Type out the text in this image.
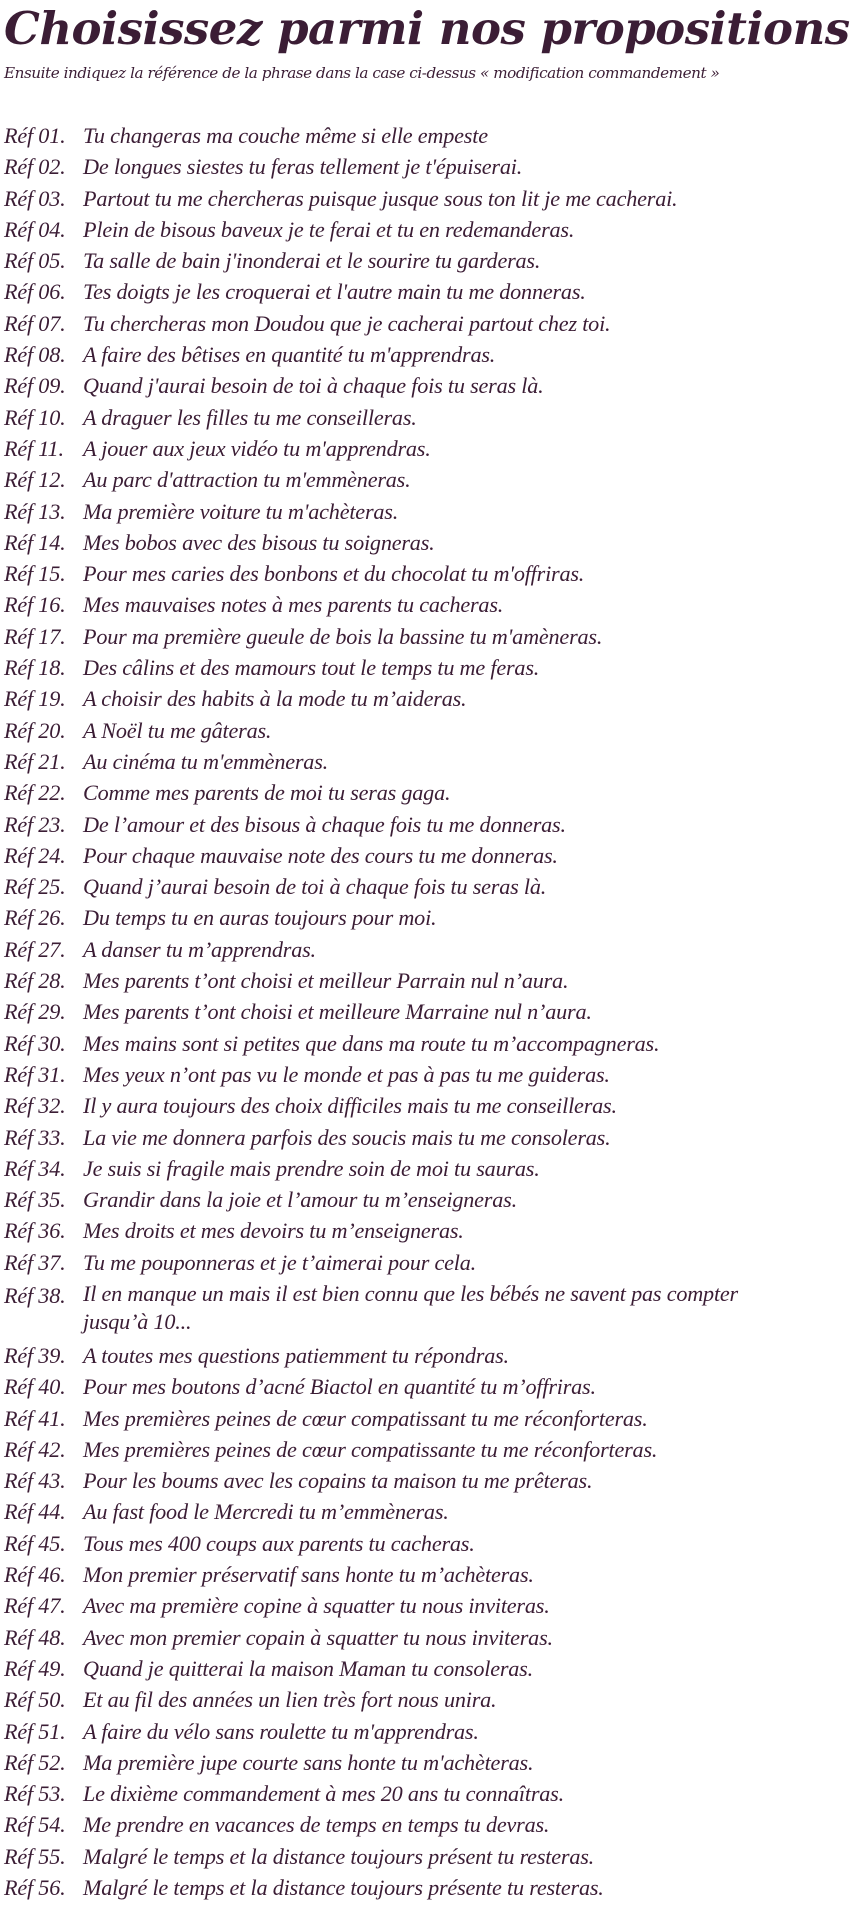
Choisissez parmi nos propositions
Ensuite indiquez la référence de la phrase dans la case ci-dessus « modification commandement »
Réf 01. Tu changeras ma couche même si elle empeste
Réf 02. De longues siestes tu feras tellement je t'épuiserai.
Réf 03. Partout tu me chercheras puisque jusque sous ton lit je me cacherai.
Réf 04. Plein de bisous baveux je te ferai et tu en redemanderas.
Réf 05. Ta salle de bain j'inonderai et le sourire tu garderas.
Réf 06. Tes doigts je les croquerai et l'autre main tu me donneras.
Réf 07. Tu chercheras mon Doudou que je cacherai partout chez toi.
Réf 08. A faire des bêtises en quantité tu m'apprendras.
Réf 09. Quand j'aurai besoin de toi à chaque fois tu seras là.
Réf 10. A draguer les filles tu me conseilleras.
Réf 11. A jouer aux jeux vidéo tu m'apprendras.
Réf 12. Au parc d'attraction tu m'emmèneras.
Réf 13. Ma première voiture tu m'achèteras.
Réf 14. Mes bobos avec des bisous tu soigneras.
Réf 15. Pour mes caries des bonbons et du chocolat tu m'offriras.
Réf 16. Mes mauvaises notes à mes parents tu cacheras.
Réf 17. Pour ma première gueule de bois la bassine tu m'amèneras.
Réf 18. Des câlins et des mamours tout le temps tu me feras.
Réf 19. A choisir des habits à la mode tu m’aideras.
Réf 20. A Noël tu me gâteras.
Réf 21. Au cinéma tu m'emmèneras.
Réf 22. Comme mes parents de moi tu seras gaga.
Réf 23. De l’amour et des bisous à chaque fois tu me donneras.
Réf 24. Pour chaque mauvaise note des cours tu me donneras.
Réf 25. Quand j’aurai besoin de toi à chaque fois tu seras là.
Réf 26. Du temps tu en auras toujours pour moi.
Réf 27. A danser tu m’apprendras.
Réf 28. Mes parents t’ont choisi et meilleur Parrain nul n’aura.
Réf 29. Mes parents t’ont choisi et meilleure Marraine nul n’aura.
Réf 30. Mes mains sont si petites que dans ma route tu m’accompagneras.
Réf 31. Mes yeux n’ont pas vu le monde et pas à pas tu me guideras.
Réf 32. Il y aura toujours des choix difficiles mais tu me conseilleras.
Réf 33. La vie me donnera parfois des soucis mais tu me consoleras.
Réf 34. Je suis si fragile mais prendre soin de moi tu sauras.
Réf 35. Grandir dans la joie et l’amour tu m’enseigneras.
Réf 36. Mes droits et mes devoirs tu m’enseigneras.
Réf 37. Tu me pouponneras et je t’aimerai pour cela.
Réf 38. Il en manque un mais il est bien connu que les bébés ne savent pas compter jusqu’à 10...
Réf 39. A toutes mes questions patiemment tu répondras.
Réf 40. Pour mes boutons d’acné Biactol en quantité tu m’offriras.
Réf 41. Mes premières peines de cœur compatissant tu me réconforteras.
Réf 42. Mes premières peines de cœur compatissante tu me réconforteras.
Réf 43. Pour les boums avec les copains ta maison tu me prêteras.
Réf 44. Au fast food le Mercredi tu m’emmèneras.
Réf 45. Tous mes 400 coups aux parents tu cacheras.
Réf 46. Mon premier préservatif sans honte tu m’achèteras.
Réf 47. Avec ma première copine à squatter tu nous inviteras.
Réf 48. Avec mon premier copain à squatter tu nous inviteras.
Réf 49. Quand je quitterai la maison Maman tu consoleras.
Réf 50. Et au fil des années un lien très fort nous unira.
Réf 51. A faire du vélo sans roulette tu m'apprendras.
Réf 52. Ma première jupe courte sans honte tu m'achèteras.
Réf 53. Le dixième commandement à mes 20 ans tu connaîtras.
Réf 54. Me prendre en vacances de temps en temps tu devras.
Réf 55. Malgré le temps et la distance toujours présent tu resteras.
Réf 56. Malgré le temps et la distance toujours présente tu resteras.
